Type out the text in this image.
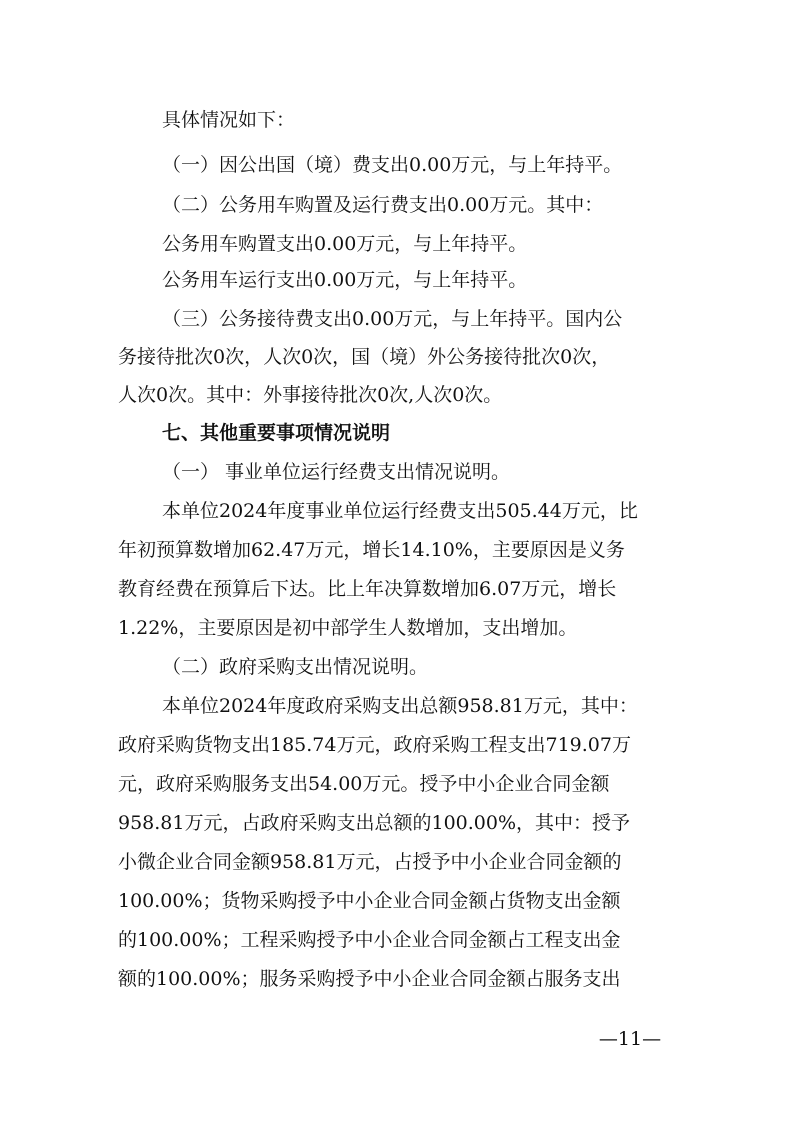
具体情况如下：
（一）因公出国（境）费支出0.00万元，与上年持平。
（二）公务用车购置及运行费支出0.00万元。其中：
公务用车购置支出0.00万元，与上年持平。
公务用车运行支出0.00万元，与上年持平。
（三）公务接待费支出0.00万元，与上年持平。国内公
务接待批次0次，人次0次，国（境）外公务接待批次0次，
人次0次。其中：外事接待批次0次,人次0次。
七、其他重要事项情况说明
（一） 事业单位运行经费支出情况说明。
本单位2024年度事业单位运行经费支出505.44万元，比
年初预算数增加62.47万元，增长14.10%，主要原因是义务
教育经费在预算后下达。比上年决算数增加6.07万元，增长
1.22%，主要原因是初中部学生人数增加，支出增加。
（二）政府采购支出情况说明。
本单位2024年度政府采购支出总额958.81万元，其中：
政府采购货物支出185.74万元，政府采购工程支出719.07万
元，政府采购服务支出54.00万元。授予中小企业合同金额
958.81万元，占政府采购支出总额的100.00%，其中：授予
小微企业合同金额958.81万元，占授予中小企业合同金额的
100.00%；货物采购授予中小企业合同金额占货物支出金额
的100.00%；工程采购授予中小企业合同金额占工程支出金
额的100.00%；服务采购授予中小企业合同金额占服务支出
—11—
